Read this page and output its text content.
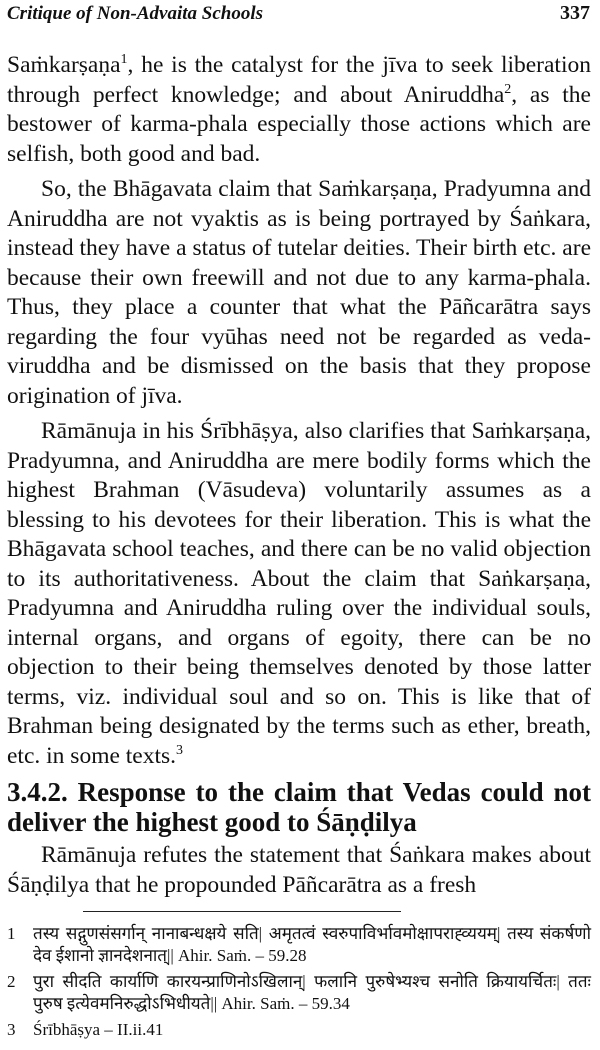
Critique of Non-Advaita Schools	337

Saṁkarṣaṇa$^1$, he is the catalyst for the jīva to seek liberation through perfect knowledge; and about Aniruddha$^2$, as the bestower of karma-phala especially those actions which are selfish, both good and bad.

So, the Bhāgavata claim that Saṁkarṣaṇa, Pradyumna and Aniruddha are not vyaktis as is being portrayed by Śaṅkara, instead they have a status of tutelar deities. Their birth etc. are because their own freewill and not due to any karma-phala. Thus, they place a counter that what the Pāñcarātra says regarding the four vyūhas need not be regarded as veda-viruddha and be dismissed on the basis that they propose origination of jīva.

Rāmānuja in his Śrībhāṣya, also clarifies that Saṁkarṣaṇa, Pradyumna, and Aniruddha are mere bodily forms which the highest Brahman (Vāsudeva) voluntarily assumes as a blessing to his devotees for their liberation. This is what the Bhāgavata school teaches, and there can be no valid objection to its authoritativeness. About the claim that Saṅkarṣaṇa, Pradyumna and Aniruddha ruling over the individual souls, internal organs, and organs of egoity, there can be no objection to their being themselves denoted by those latter terms, viz. individual soul and so on. This is like that of Brahman being designated by the terms such as ether, breath, etc. in some texts.$^3$

3.4.2. Response to the claim that Vedas could not deliver the highest good to Śāṇḍilya

Rāmānuja refutes the statement that Śaṅkara makes about Śāṇḍilya that he propounded Pāñcarātra as a fresh

1	तस्य सद्गुणसंसर्गान् नानाबन्धक्षये सति| अमृतत्वं स्वरुपाविर्भावमोक्षापराह्व्ययम्| तस्य संकर्षणो देव ईशानो ज्ञानदेशनात्|| Ahir. Saṁ. – 59.28
2	पुरा सीदति कार्याणि कारयन्प्राणिनोऽखिलान्| फलानि पुरुषेभ्यश्च सनोति क्रियायर्चितः| ततः पुरुष इत्येवमनिरुद्धोऽभिधीयते|| Ahir. Saṁ. – 59.34
3	Śrībhāṣya – II.ii.41
